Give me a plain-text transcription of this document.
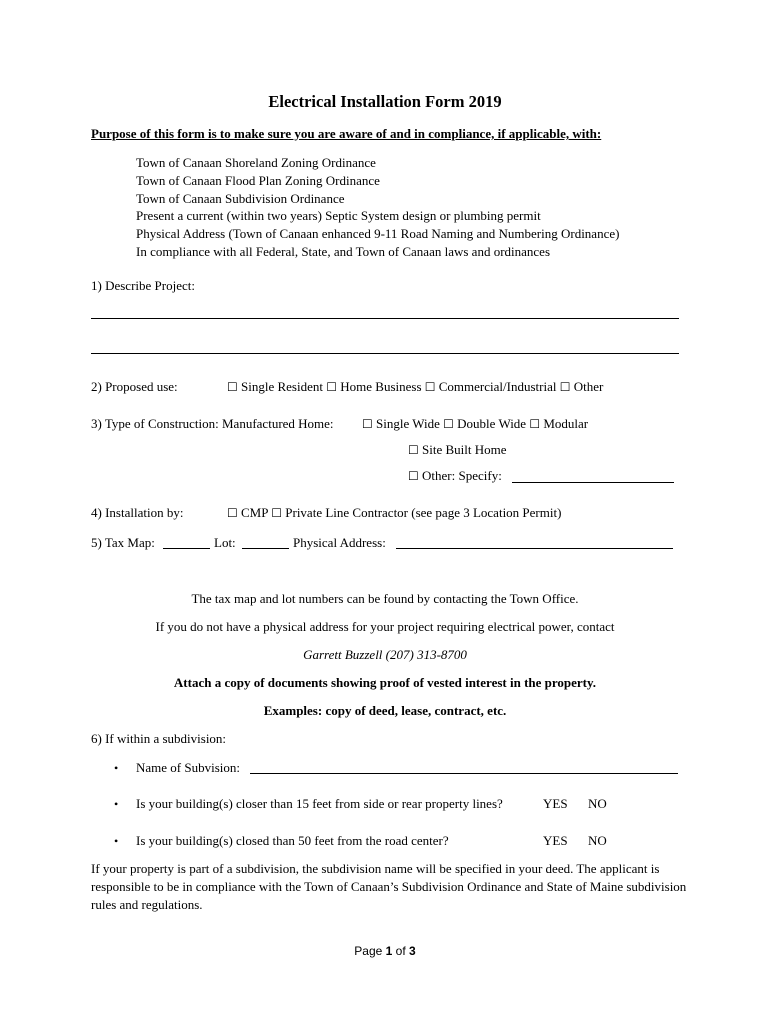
Electrical Installation Form 2019
Purpose of this form is to make sure you are aware of and in compliance, if applicable, with:
Town of Canaan Shoreland Zoning Ordinance
Town of Canaan Flood Plan Zoning Ordinance
Town of Canaan Subdivision Ordinance
Present a current (within two years) Septic System design or plumbing permit
Physical Address (Town of Canaan enhanced 9-11 Road Naming and Numbering Ordinance)
In compliance with all Federal, State, and Town of Canaan laws and ordinances
1) Describe Project:
2) Proposed use:	☐ Single Resident ☐ Home Business ☐ Commercial/Industrial ☐ Other
3) Type of Construction: Manufactured Home: ☐ Single Wide ☐ Double Wide ☐ Modular
☐ Site Built Home
☐ Other: Specify:
4) Installation by:	☐ CMP ☐ Private Line Contractor (see page 3 Location Permit)
5) Tax Map:	Lot:	Physical Address:
The tax map and lot numbers can be found by contacting the Town Office.
If you do not have a physical address for your project requiring electrical power, contact
Garrett Buzzell (207) 313-8700
Attach a copy of documents showing proof of vested interest in the property.
Examples: copy of deed, lease, contract, etc.
6) If within a subdivision:
• Name of Subvision:
• Is your building(s) closer than 15 feet from side or rear property lines?	YES NO
• Is your building(s) closed than 50 feet from the road center?	YES NO
If your property is part of a subdivision, the subdivision name will be specified in your deed. The applicant is responsible to be in compliance with the Town of Canaan’s Subdivision Ordinance and State of Maine subdivision rules and regulations.
Page 1 of 3
